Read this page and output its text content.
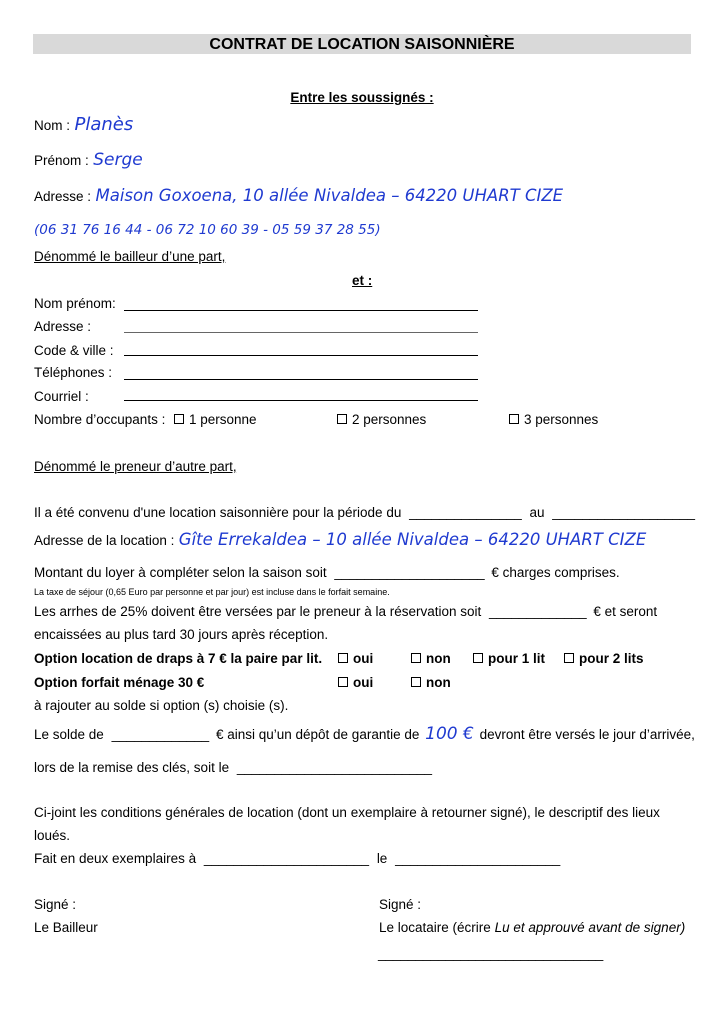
CONTRAT DE LOCATION SAISONNIÈRE
Entre les soussignés :
Nom : Planès
Prénom : Serge
Adresse : Maison Goxoena, 10 allée Nivaldea – 64220 UHART CIZE
(06 31 76 16 44 - 06 72 10 60 39 - 05 59 37 28 55)
Dénommé le bailleur d’une part,
et :
Nom prénom:
Adresse :
Code & ville :
Téléphones :
Courriel :
Nombre d’occupants :	1 personne	2 personnes	3 personnes
Dénommé le preneur d’autre part,
Il a été convenu d'une location saisonnière pour la période du _______________ au ___________________
Adresse de la location : Gîte Errekaldea – 10 allée Nivaldea – 64220 UHART CIZE
Montant du loyer à compléter selon la saison soit ____________________ € charges comprises.
La taxe de séjour (0,65 Euro par personne et par jour) est incluse dans le forfait semaine.
Les arrhes de 25% doivent être versées par le preneur à la réservation soit _____________ € et seront
encaissées au plus tard 30 jours après réception.
Option location de draps à 7 € la paire par lit.	oui	non	pour 1 lit	pour 2 lits
Option forfait ménage 30 €	oui	non
à rajouter au solde si option (s) choisie (s).
Le solde de _____________ € ainsi qu’un dépôt de garantie de 100 € devront être versés le jour d’arrivée,
lors de la remise des clés, soit le __________________________
Ci-joint les conditions générales de location (dont un exemplaire à retourner signé), le descriptif des lieux
loués.
Fait en deux exemplaires à ______________________ le ______________________
Signé :
Le Bailleur
Signé :
Le locataire (écrire Lu et approuvé avant de signer)
______________________________
